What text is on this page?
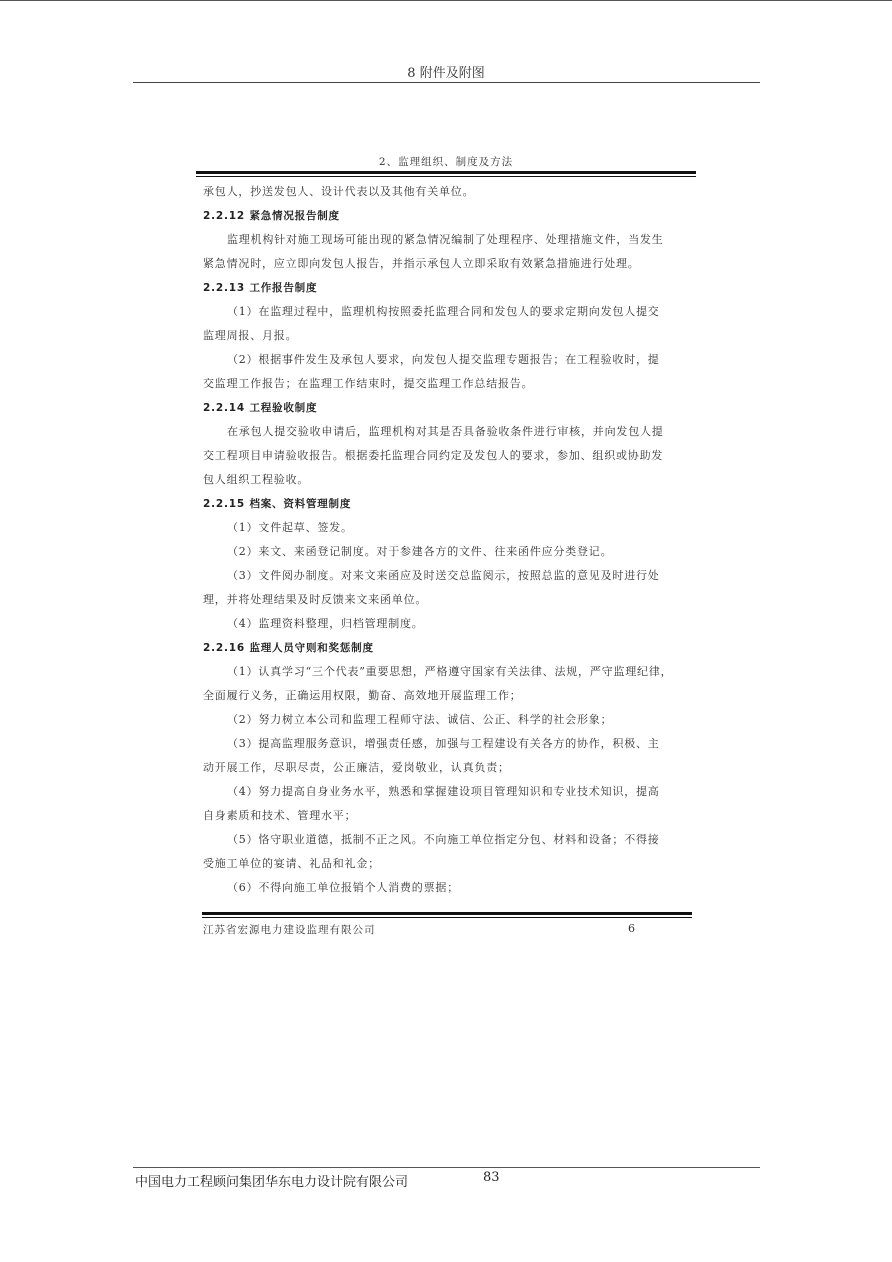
8 附件及附图
2、监理组织、制度及方法

承包人，抄送发包人、设计代表以及其他有关单位。

2.2.12 紧急情况报告制度

监理机构针对施工现场可能出现的紧急情况编制了处理程序、处理措施文件，当发生

紧急情况时，应立即向发包人报告，并指示承包人立即采取有效紧急措施进行处理。

2.2.13 工作报告制度

（1）在监理过程中，监理机构按照委托监理合同和发包人的要求定期向发包人提交

监理周报、月报。

（2）根据事件发生及承包人要求，向发包人提交监理专题报告；在工程验收时，提

交监理工作报告；在监理工作结束时，提交监理工作总结报告。

2.2.14 工程验收制度

在承包人提交验收申请后，监理机构对其是否具备验收条件进行审核，并向发包人提

交工程项目申请验收报告。根据委托监理合同约定及发包人的要求，参加、组织或协助发

包人组织工程验收。

2.2.15 档案、资料管理制度

（1）文件起草、签发。

（2）来文、来函登记制度。对于参建各方的文件、往来函件应分类登记。

（3）文件阅办制度。对来文来函应及时送交总监阅示，按照总监的意见及时进行处

理，并将处理结果及时反馈来文来函单位。

（4）监理资料整理，归档管理制度。

2.2.16 监理人员守则和奖惩制度

（1）认真学习“三个代表”重要思想，严格遵守国家有关法律、法规，严守监理纪律，

全面履行义务，正确运用权限，勤奋、高效地开展监理工作；

（2）努力树立本公司和监理工程师守法、诚信、公正、科学的社会形象；

（3）提高监理服务意识，增强责任感，加强与工程建设有关各方的协作，积极、主

动开展工作，尽职尽责，公正廉洁，爱岗敬业，认真负责；

（4）努力提高自身业务水平，熟悉和掌握建设项目管理知识和专业技术知识，提高

自身素质和技术、管理水平；

（5）恪守职业道德，抵制不正之风。不向施工单位指定分包、材料和设备；不得接

受施工单位的宴请、礼品和礼金；

（6）不得向施工单位报销个人消费的票据；

江苏省宏源电力建设监理有限公司	6
中国电力工程顾问集团华东电力设计院有限公司	83
